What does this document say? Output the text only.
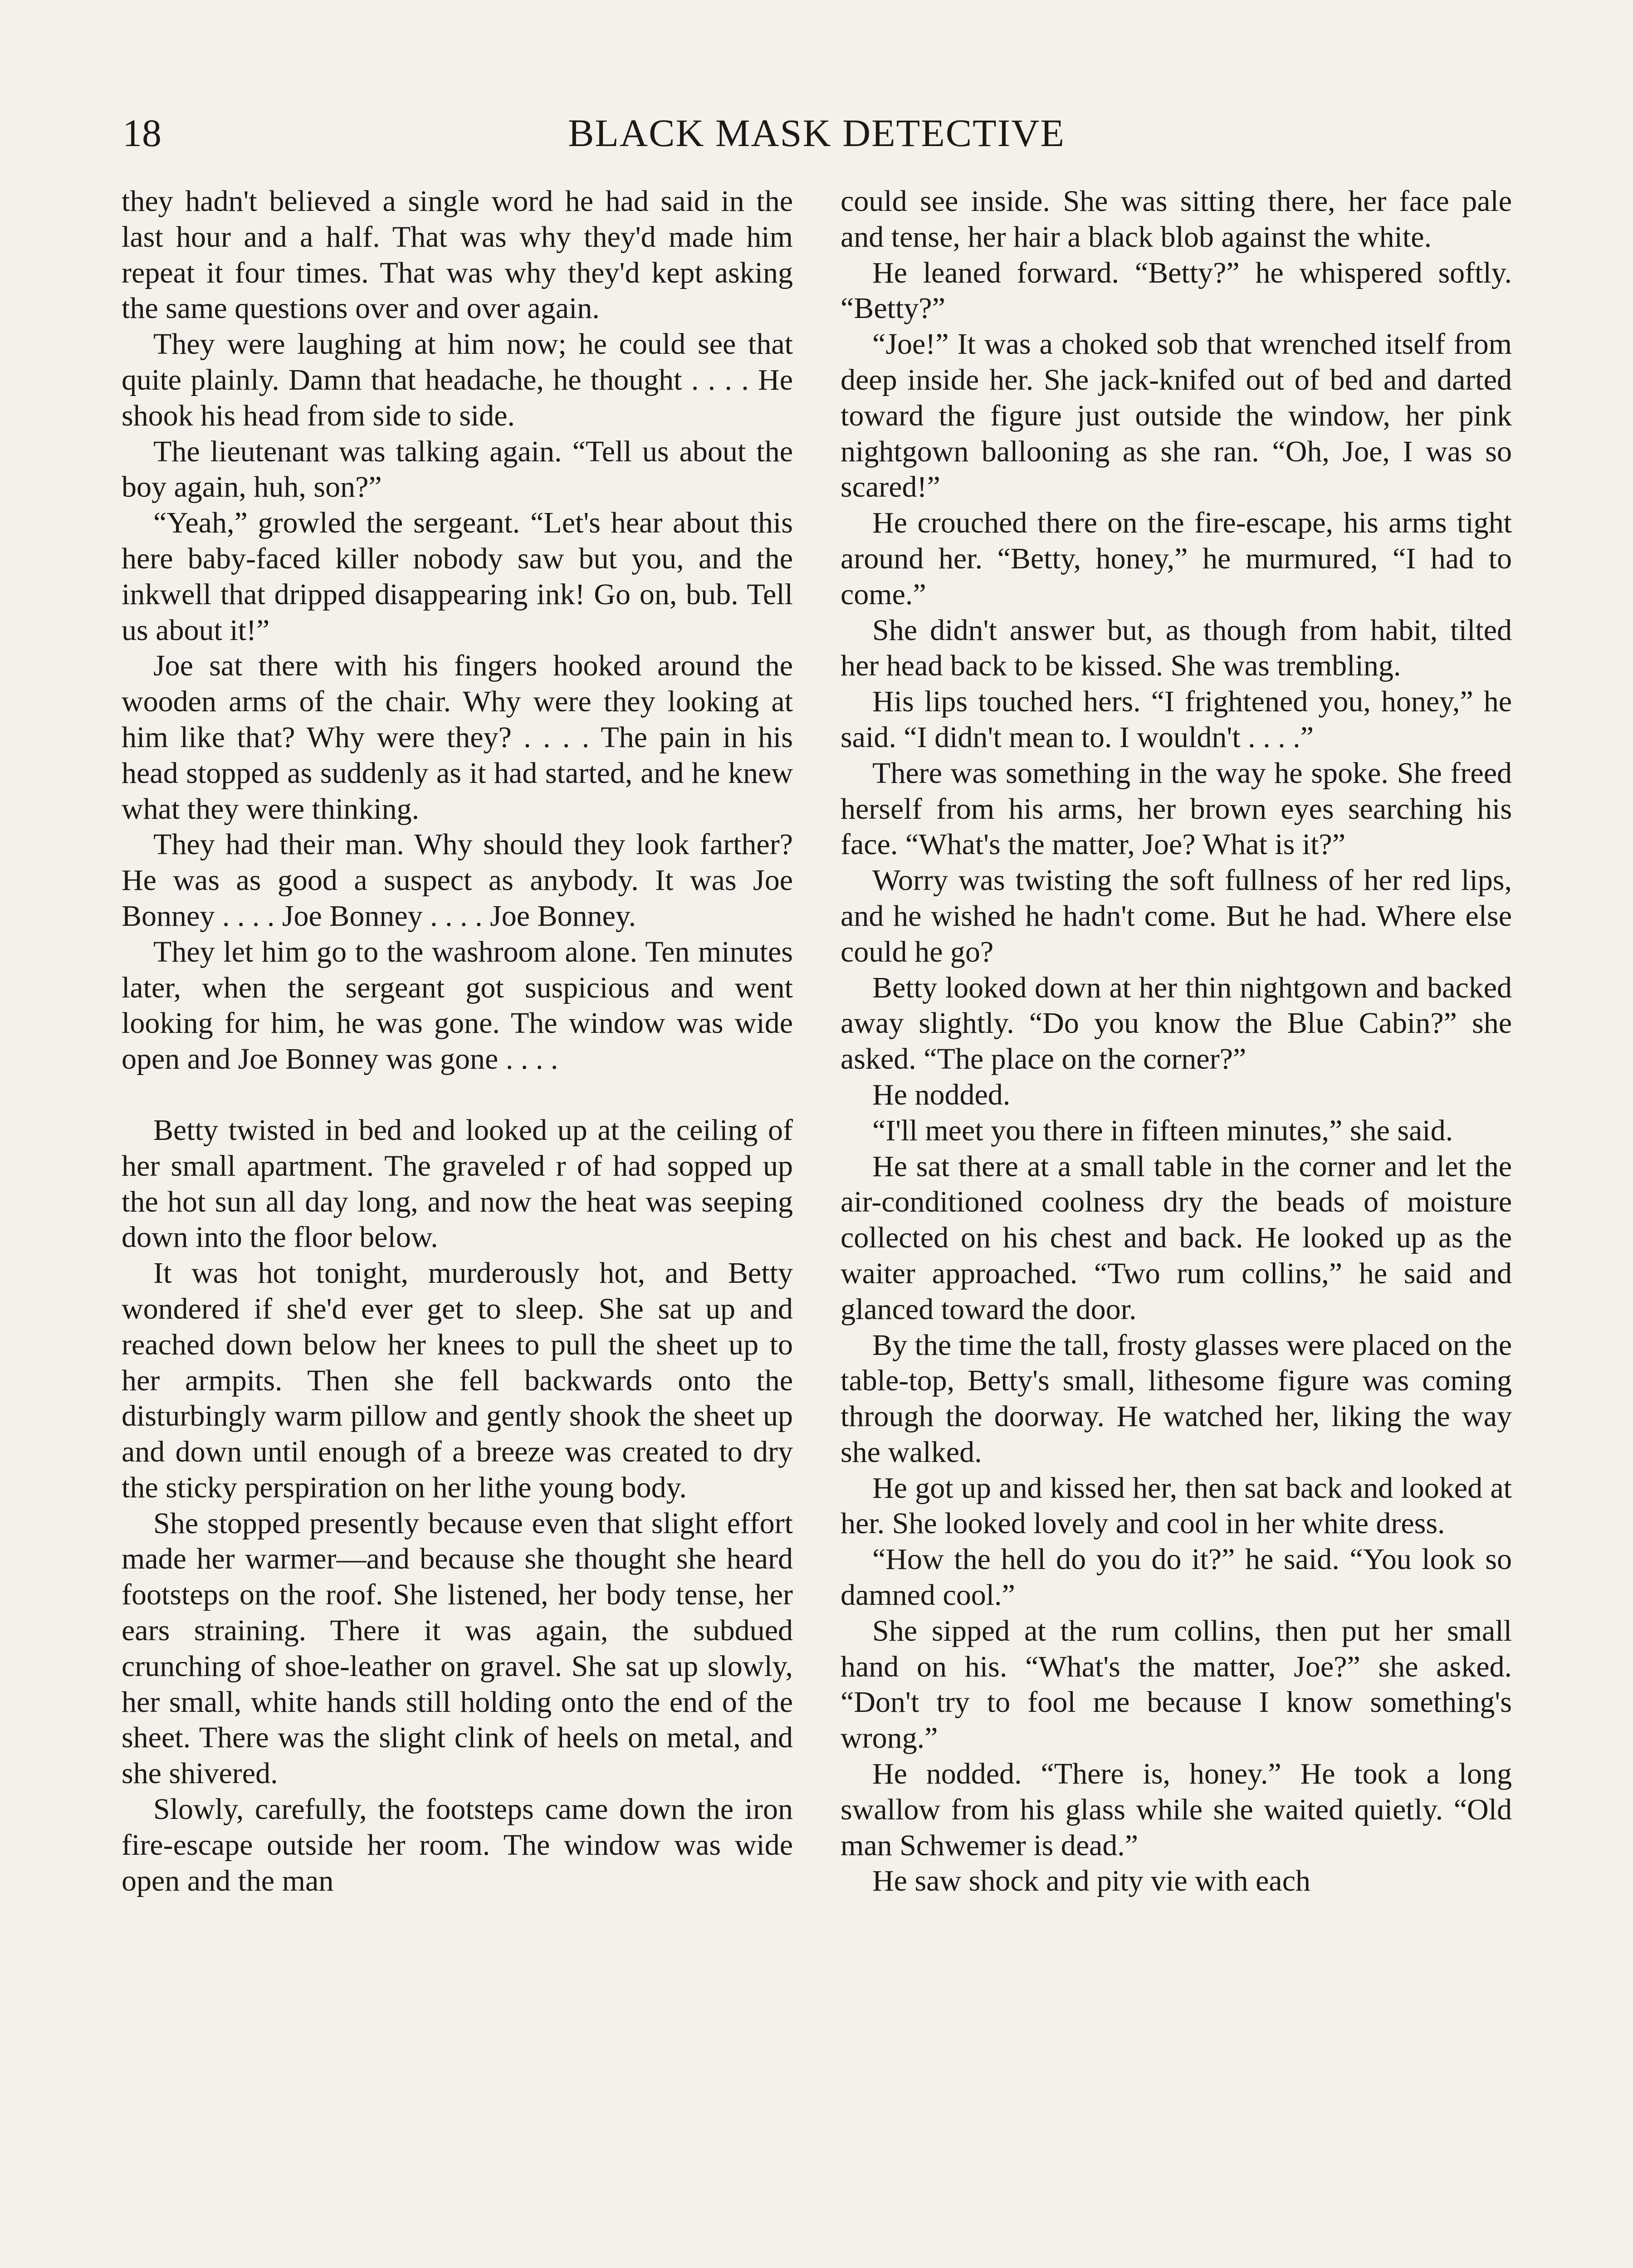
18	BLACK MASK DETECTIVE

they hadn't believed a single word he had said in the last hour and a half. That was why they'd made him repeat it four times. That was why they'd kept asking the same questions over and over again.

They were laughing at him now; he could see that quite plainly. Damn that headache, he thought . . . . He shook his head from side to side.

The lieutenant was talking again. “Tell us about the boy again, huh, son?”

“Yeah,” growled the sergeant. “Let's hear about this here baby-faced killer nobody saw but you, and the inkwell that dripped disappearing ink! Go on, bub. Tell us about it!”

Joe sat there with his fingers hooked around the wooden arms of the chair. Why were they looking at him like that? Why were they? . . . . The pain in his head stopped as suddenly as it had started, and he knew what they were thinking.

They had their man. Why should they look farther? He was as good a suspect as anybody. It was Joe Bonney . . . . Joe Bonney . . . . Joe Bonney.

They let him go to the washroom alone. Ten minutes later, when the sergeant got suspicious and went looking for him, he was gone. The window was wide open and Joe Bonney was gone . . . .

Betty twisted in bed and looked up at the ceiling of her small apartment. The graveled r of had sopped up the hot sun all day long, and now the heat was seeping down into the floor below.

It was hot tonight, murderously hot, and Betty wondered if she'd ever get to sleep. She sat up and reached down below her knees to pull the sheet up to her armpits. Then she fell backwards onto the disturbingly warm pillow and gently shook the sheet up and down until enough of a breeze was created to dry the sticky perspiration on her lithe young body.

She stopped presently because even that slight effort made her warmer—and because she thought she heard footsteps on the roof. She listened, her body tense, her ears straining. There it was again, the subdued crunching of shoe-leather on gravel. She sat up slowly, her small, white hands still holding onto the end of the sheet. There was the slight clink of heels on metal, and she shivered.

Slowly, carefully, the footsteps came down the iron fire-escape outside her room. The window was wide open and the man

could see inside. She was sitting there, her face pale and tense, her hair a black blob against the white.

He leaned forward. “Betty?” he whispered softly. “Betty?”

“Joe!” It was a choked sob that wrenched itself from deep inside her. She jack-knifed out of bed and darted toward the figure just outside the window, her pink nightgown ballooning as she ran. “Oh, Joe, I was so scared!”

He crouched there on the fire-escape, his arms tight around her. “Betty, honey,” he murmured, “I had to come.”

She didn't answer but, as though from habit, tilted her head back to be kissed. She was trembling.

His lips touched hers. “I frightened you, honey,” he said. “I didn't mean to. I wouldn't . . . .”

There was something in the way he spoke. She freed herself from his arms, her brown eyes searching his face. “What's the matter, Joe? What is it?”

Worry was twisting the soft fullness of her red lips, and he wished he hadn't come. But he had. Where else could he go?

Betty looked down at her thin nightgown and backed away slightly. “Do you know the Blue Cabin?” she asked. “The place on the corner?”

He nodded.

“I'll meet you there in fifteen minutes,” she said.

He sat there at a small table in the corner and let the air-conditioned coolness dry the beads of moisture collected on his chest and back. He looked up as the waiter approached. “Two rum collins,” he said and glanced toward the door.

By the time the tall, frosty glasses were placed on the table-top, Betty's small, lithesome figure was coming through the doorway. He watched her, liking the way she walked.

He got up and kissed her, then sat back and looked at her. She looked lovely and cool in her white dress.

“How the hell do you do it?” he said. “You look so damned cool.”

She sipped at the rum collins, then put her small hand on his. “What's the matter, Joe?” she asked. “Don't try to fool me because I know something's wrong.”

He nodded. “There is, honey.” He took a long swallow from his glass while she waited quietly. “Old man Schwemer is dead.”

He saw shock and pity vie with each
